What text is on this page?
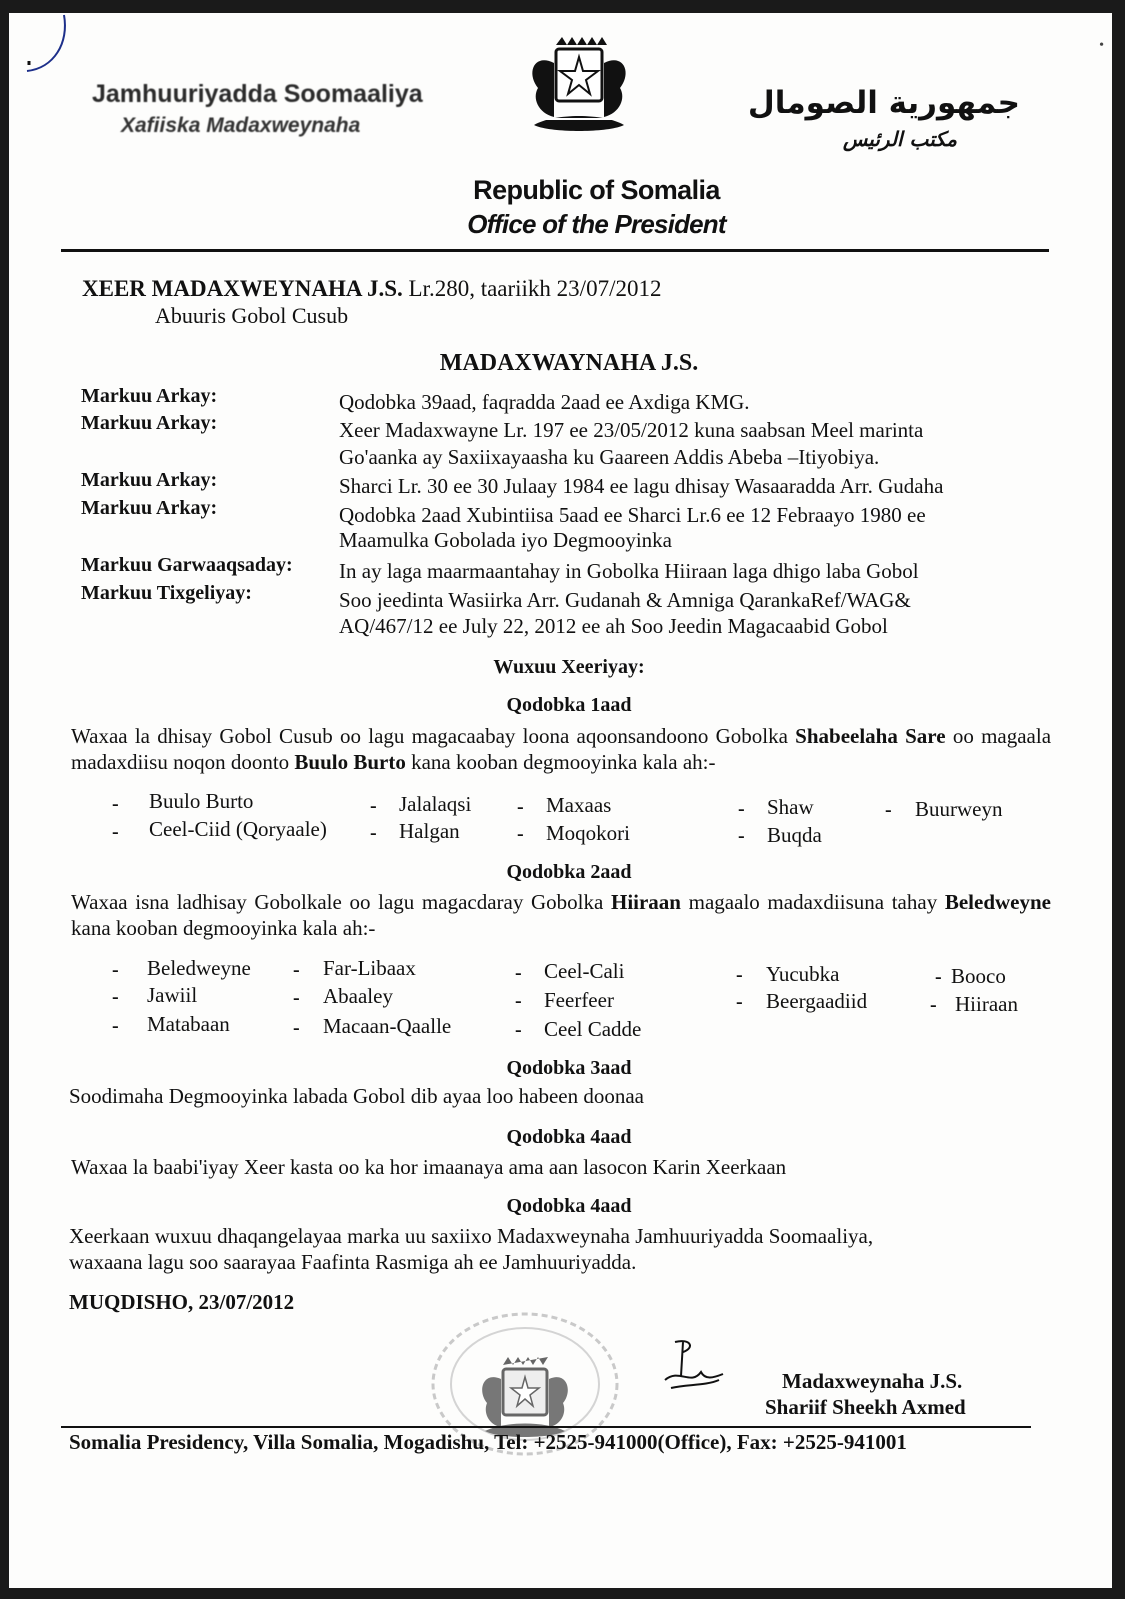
•
Jamhuuriyadda Soomaaliya
Xafiiska Madaxweynaha
جمهورية الصومال
مكتب الرئيس
Republic of Somalia
Office of the President
XEER MADAXWEYNAHA J.S. Lr.280, taariikh 23/07/2012
Abuuris Gobol Cusub
MADAXWAYNAHA J.S.
Markuu Arkay:	Qodobka 39aad, faqradda 2aad ee Axdiga KMG.
Markuu Arkay:	Xeer Madaxwayne Lr. 197 ee 23/05/2012 kuna saabsan Meel marinta
Go'aanka ay Saxiixayaasha ku Gaareen Addis Abeba –Itiyobiya.
Markuu Arkay:	Sharci Lr. 30 ee 30 Julaay 1984 ee lagu dhisay Wasaaradda Arr. Gudaha
Markuu Arkay:	Qodobka 2aad Xubintiisa 5aad ee Sharci Lr.6 ee 12 Febraayo 1980 ee
Maamulka Gobolada iyo Degmooyinka
Markuu Garwaaqsaday: In ay laga maarmaantahay in Gobolka Hiiraan laga dhigo laba Gobol
Markuu Tixgeliyay:	Soo jeedinta Wasiirka Arr. Gudanah & Amniga QarankaRef/WAG&
AQ/467/12 ee July 22, 2012 ee ah Soo Jeedin Magacaabid Gobol
Wuxuu Xeeriyay:
Qodobka 1aad
Waxaa la dhisay Gobol Cusub oo lagu magacaabay loona aqoonsandoono Gobolka Shabeelaha Sare oo magaala madaxdiisu noqon doonto Buulo Burto kana kooban degmooyinka kala ah:-
- Buulo Burto	- Jalalaqsi - Maxaas	- Shaw	- Buurweyn
- Ceel-Ciid (Qoryaale) - Halgan	- Moqokori	- Buqda
Qodobka 2aad
Waxaa isna ladhisay Gobolkale oo lagu magacdaray Gobolka Hiiraan magaalo madaxdiisuna tahay Beledweyne kana kooban degmooyinka kala ah:-
- Beledweyne - Far-Libaax	- Ceel-Cali	- Yucubka	- Booco
- Jawiil	- Abaaley	- Feerfeer	- Beergaadiid	- Hiiraan
- Matabaan	- Macaan-Qaalle	- Ceel Cadde
Qodobka 3aad
Soodimaha Degmooyinka labada Gobol dib ayaa loo habeen doonaa
Qodobka 4aad
Waxaa la baabi'iyay Xeer kasta oo ka hor imaanaya ama aan lasocon Karin Xeerkaan
Qodobka 4aad
Xeerkaan wuxuu dhaqangelayaa marka uu saxiixo Madaxweynaha Jamhuuriyadda Soomaaliya,
waxaana lagu soo saarayaa Faafinta Rasmiga ah ee Jamhuuriyadda.
MUQDISHO, 23/07/2012
Madaxweynaha J.S.
Shariif Sheekh Axmed
Somalia Presidency, Villa Somalia, Mogadishu, Tel: +2525-941000(Office), Fax: +2525-941001
